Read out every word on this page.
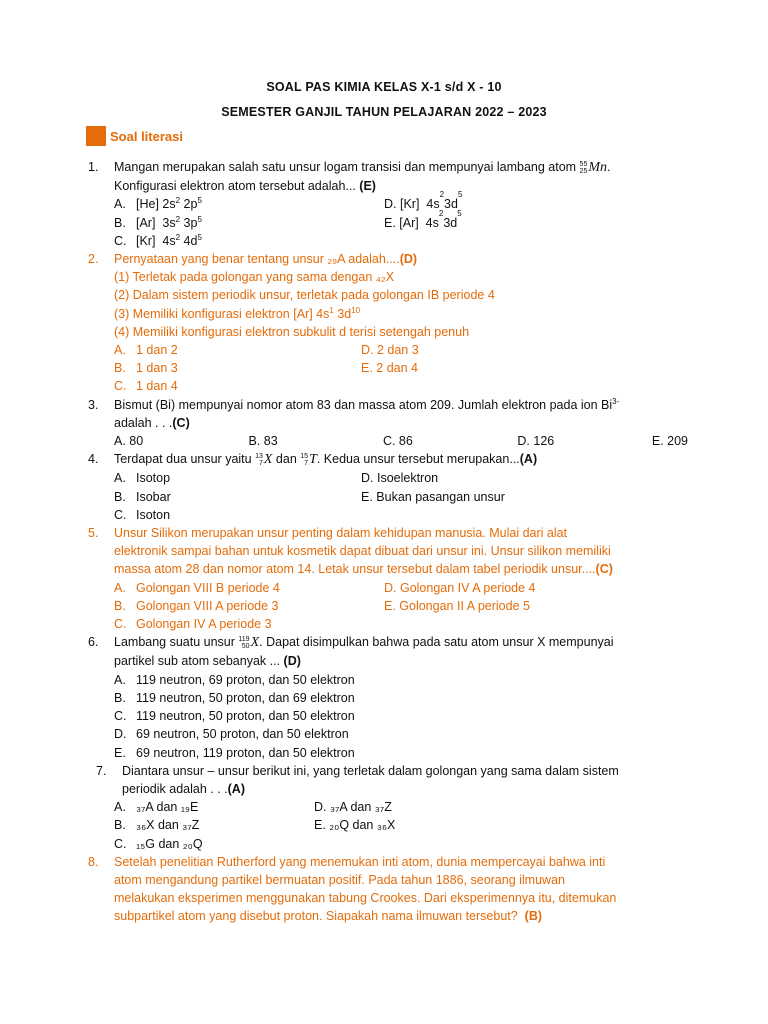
SOAL PAS KIMIA KELAS X-1 s/d X - 10
SEMESTER GANJIL TAHUN PELAJARAN 2022 – 2023
Soal literasi
1.	Mangan merupakan salah satu unsur logam transisi dan mempunyai lambang atom 55
25 Mn.
Konfigurasi elektron atom tersebut adalah... (E)
A. [He] $2s^2$ $2p^5$	D. [Kr]  4s
2
3d
5
B. [Ar]  $3s^2$ $3p^5$	E. [Ar]  4s
2
3d
5
C. [Kr]  $4s^2$ $4d^5$
2.	Pernyataan yang benar tentang unsur ₂₉A adalah....(D)
(1) Terletak pada golongan yang sama dengan ₄₂X
(2) Dalam sistem periodik unsur, terletak pada golongan IB periode 4
(3) Memiliki konfigurasi elektron [Ar] $4s^1$ $3d^{10}$
(4) Memiliki konfigurasi elektron subkulit d terisi setengah penuh
A. 1 dan 2	D. 2 dan 3
B. 1 dan 3	E. 2 dan 4
C. 1 dan 4
3.	Bismut (Bi) mempunyai nomor atom 83 dan massa atom 209. Jumlah elektron pada ion $Bi^{3-}$
adalah . . .(C)
A. 80	B. 83	C. 86	D. 126	E. 209
4.	Terdapat dua unsur yaitu 13
7 X dan 15
7 T. Kedua unsur tersebut merupakan...(A)
A. Isotop	D. Isoelektron
B. Isobar	E. Bukan pasangan unsur
C. Isoton
5.	Unsur Silikon merupakan unsur penting dalam kehidupan manusia. Mulai dari alat
elektronik sampai bahan untuk kosmetik dapat dibuat dari unsur ini. Unsur silikon memiliki
massa atom 28 dan nomor atom 14. Letak unsur tersebut dalam tabel periodik unsur....(C)
A. Golongan VIII B periode 4	D. Golongan IV A periode 4
B. Golongan VIII A periode 3	E. Golongan II A periode 5
C. Golongan IV A periode 3
6.	Lambang suatu unsur 119
50 X. Dapat disimpulkan bahwa pada satu atom unsur X mempunyai
partikel sub atom sebanyak ... (D)
A. 119 neutron, 69 proton, dan 50 elektron
B. 119 neutron, 50 proton, dan 69 elektron
C. 119 neutron, 50 proton, dan 50 elektron
D. 69 neutron, 50 proton, dan 50 elektron
E. 69 neutron, 119 proton, dan 50 elektron
7.	Diantara unsur – unsur berikut ini, yang terletak dalam golongan yang sama dalam sistem
periodik adalah . . .(A)
A. ₃₇A dan ₁₉E	D. ₃₇A dan ₃₇Z
B. ₃₆X dan ₃₇Z	E. ₂₀Q dan ₃₆X
C. ₁₅G dan ₂₀Q
8.	Setelah penelitian Rutherford yang menemukan inti atom, dunia mempercayai bahwa inti
atom mengandung partikel bermuatan positif. Pada tahun 1886, seorang ilmuwan
melakukan eksperimen menggunakan tabung Crookes. Dari eksperimennya itu, ditemukan
subpartikel atom yang disebut proton. Siapakah nama ilmuwan tersebut? (B)
